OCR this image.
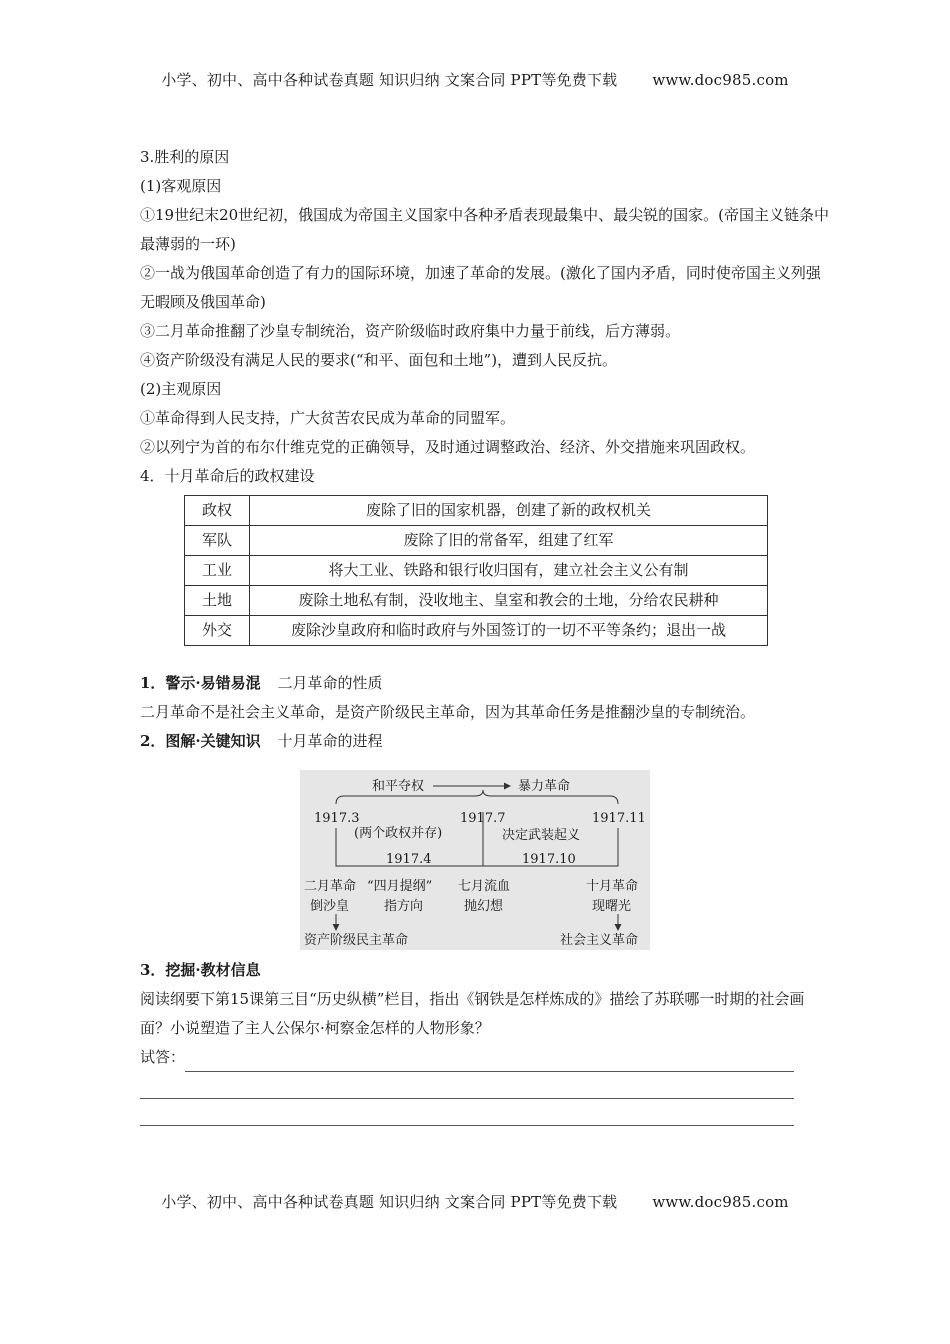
小学、初中、高中各种试卷真题 知识归纳 文案合同 PPT等免费下载 www.doc985.com

3.胜利的原因

(1)客观原因

①19世纪末20世纪初，俄国成为帝国主义国家中各种矛盾表现最集中、最尖锐的国家。(帝国主义链条中最薄弱的一环)

②一战为俄国革命创造了有力的国际环境，加速了革命的发展。(激化了国内矛盾，同时使帝国主义列强无暇顾及俄国革命)

③二月革命推翻了沙皇专制统治，资产阶级临时政府集中力量于前线，后方薄弱。

④资产阶级没有满足人民的要求(“和平、面包和土地”)，遭到人民反抗。

(2)主观原因

①革命得到人民支持，广大贫苦农民成为革命的同盟军。

②以列宁为首的布尔什维克党的正确领导，及时通过调整政治、经济、外交措施来巩固政权。

4．十月革命后的政权建设

政权	废除了旧的国家机器，创建了新的政权机关
军队	废除了旧的常备军，组建了红军
工业	将大工业、铁路和银行收归国有，建立社会主义公有制
土地	废除土地私有制，没收地主、皇室和教会的土地，分给农民耕种
外交	废除沙皇政府和临时政府与外国签订的一切不平等条约；退出一战

1．警示·易错易混 二月革命的性质

二月革命不是社会主义革命，是资产阶级民主革命，因为其革命任务是推翻沙皇的专制统治。

2．图解·关键知识 十月革命的进程

和平夺权	暴力革命
1917.3	1917.7	1917.11
(两个政权并存)	决定武装起义
1917.4	1917.10
二月革命 “四月提纲” 七月流血	十月革命
倒沙皇	指方向	抛幻想	现曙光
资产阶级民主革命	社会主义革命

3．挖掘·教材信息

阅读纲要下第15课第三目“历史纵横”栏目，指出《钢铁是怎样炼成的》描绘了苏联哪一时期的社会画面？小说塑造了主人公保尔·柯察金怎样的人物形象？

试答：
小学、初中、高中各种试卷真题 知识归纳 文案合同 PPT等免费下载 www.doc985.com
